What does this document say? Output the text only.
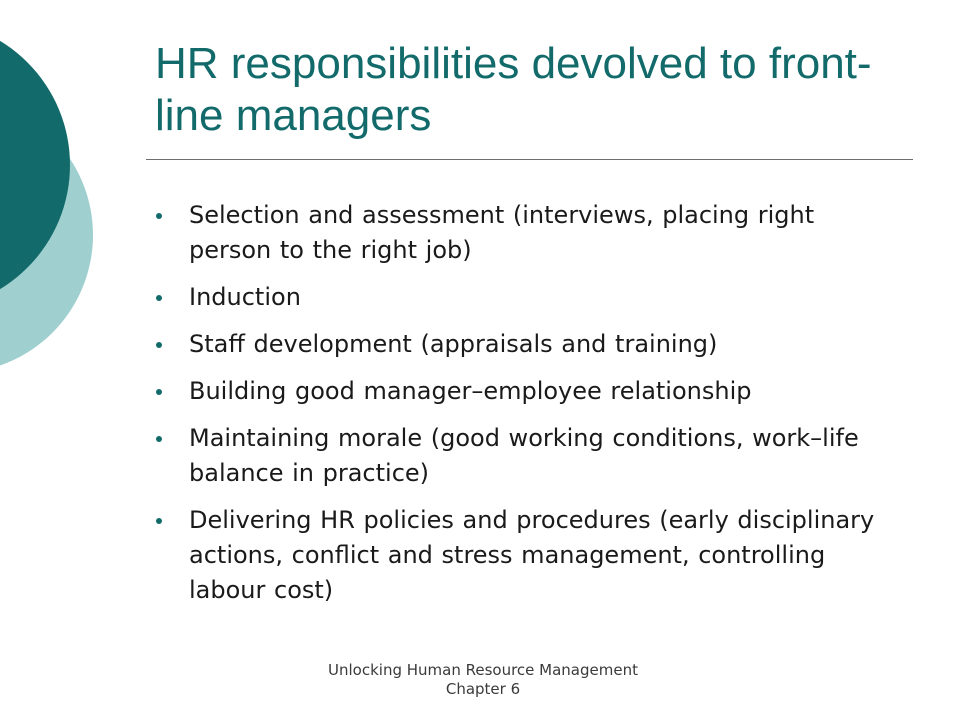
HR responsibilities devolved to front-line managers
Selection and assessment (interviews, placing right person to the right job)
Induction
Staff development (appraisals and training)
Building good manager–employee relationship
Maintaining morale (good working conditions, work–life balance in practice)
Delivering HR policies and procedures (early disciplinary actions, conflict and stress management, controlling labour cost)
Unlocking Human Resource Management
Chapter 6
